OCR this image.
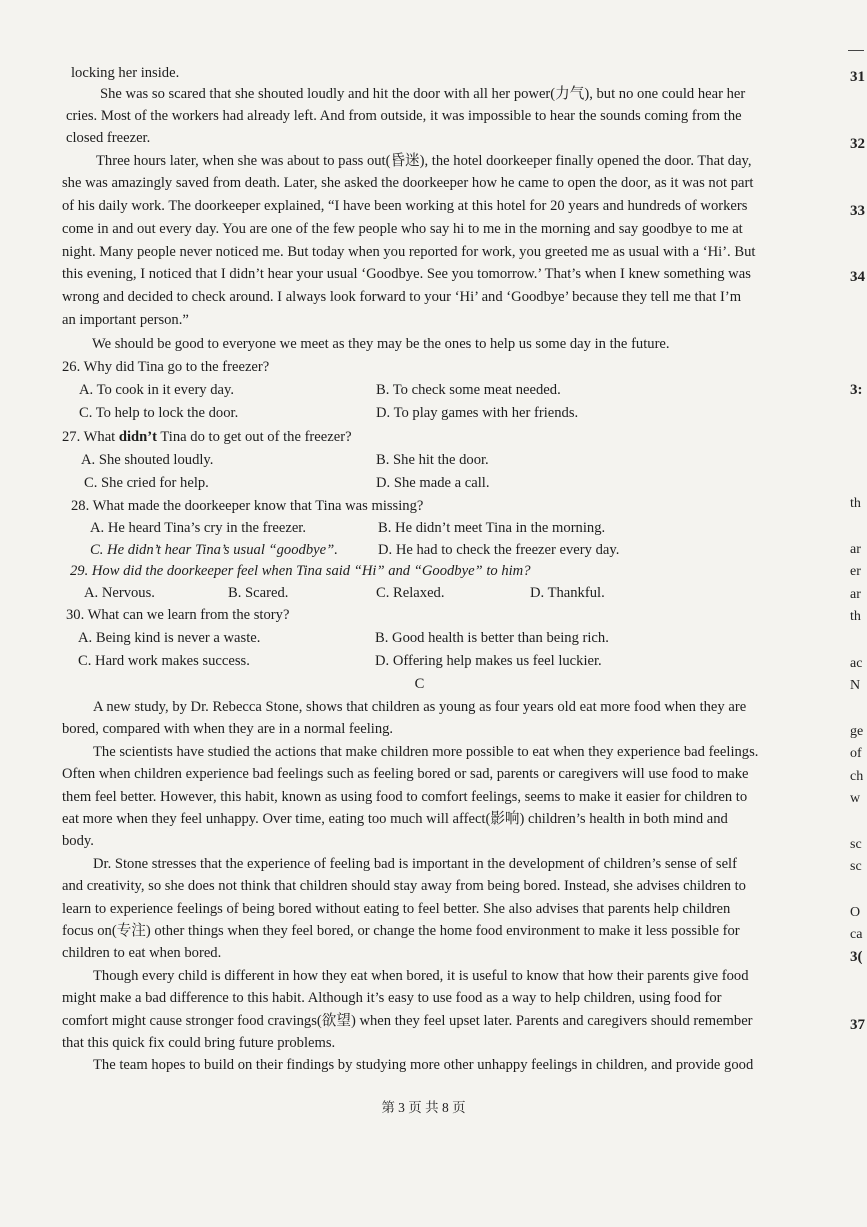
locking her inside.
She was so scared that she shouted loudly and hit the door with all her power(力气), but no one could hear her
cries. Most of the workers had already left. And from outside, it was impossible to hear the sounds coming from the
closed freezer.
Three hours later, when she was about to pass out(昏迷), the hotel doorkeeper finally opened the door. That day,
she was amazingly saved from death. Later, she asked the doorkeeper how he came to open the door, as it was not part
of his daily work. The doorkeeper explained, “I have been working at this hotel for 20 years and hundreds of workers
come in and out every day. You are one of the few people who say hi to me in the morning and say goodbye to me at
night. Many people never noticed me. But today when you reported for work, you greeted me as usual with a ‘Hi’. But
this evening, I noticed that I didn’t hear your usual ‘Goodbye. See you tomorrow.’ That’s when I knew something was
wrong and decided to check around. I always look forward to your ‘Hi’ and ‘Goodbye’ because they tell me that I’m
an important person.”
We should be good to everyone we meet as they may be the ones to help us some day in the future.
26. Why did Tina go to the freezer?
A. To cook in it every day.	B. To check some meat needed.
C. To help to lock the door.	D. To play games with her friends.
27. What didn’t Tina do to get out of the freezer?
A. She shouted loudly.	B. She hit the door.
C. She cried for help.	D. She made a call.
28. What made the doorkeeper know that Tina was missing?
A. He heard Tina’s cry in the freezer.	B. He didn’t meet Tina in the morning.
C. He didn’t hear Tina’s usual “goodbye”.	D. He had to check the freezer every day.
29. How did the doorkeeper feel when Tina said “Hi” and “Goodbye” to him?
A. Nervous.	B. Scared.	C. Relaxed.	D. Thankful.
30. What can we learn from the story?
A. Being kind is never a waste.	B. Good health is better than being rich.
C. Hard work makes success.	D. Offering help makes us feel luckier.
C
A new study, by Dr. Rebecca Stone, shows that children as young as four years old eat more food when they are
bored, compared with when they are in a normal feeling.
The scientists have studied the actions that make children more possible to eat when they experience bad feelings.
Often when children experience bad feelings such as feeling bored or sad, parents or caregivers will use food to make
them feel better. However, this habit, known as using food to comfort feelings, seems to make it easier for children to
eat more when they feel unhappy. Over time, eating too much will affect(影响) children’s health in both mind and
body.
Dr. Stone stresses that the experience of feeling bad is important in the development of children’s sense of self
and creativity, so she does not think that children should stay away from being bored. Instead, she advises children to
learn to experience feelings of being bored without eating to feel better. She also advises that parents help children
focus on(专注) other things when they feel bored, or change the home food environment to make it less possible for
children to eat when bored.
Though every child is different in how they eat when bored, it is useful to know that how their parents give food
might make a bad difference to this habit. Although it’s easy to use food as a way to help children, using food for
comfort might cause stronger food cravings(欲望) when they feel upset later. Parents and caregivers should remember
that this quick fix could bring future problems.
The team hopes to build on their findings by studying more other unhappy feelings in children, and provide good
第 3 页 共 8 页
31
32
33
34
3:
th
ar
er
ar
th
ac
N
ge
of
ch
w
sc
sc
O
ca
3(
37
